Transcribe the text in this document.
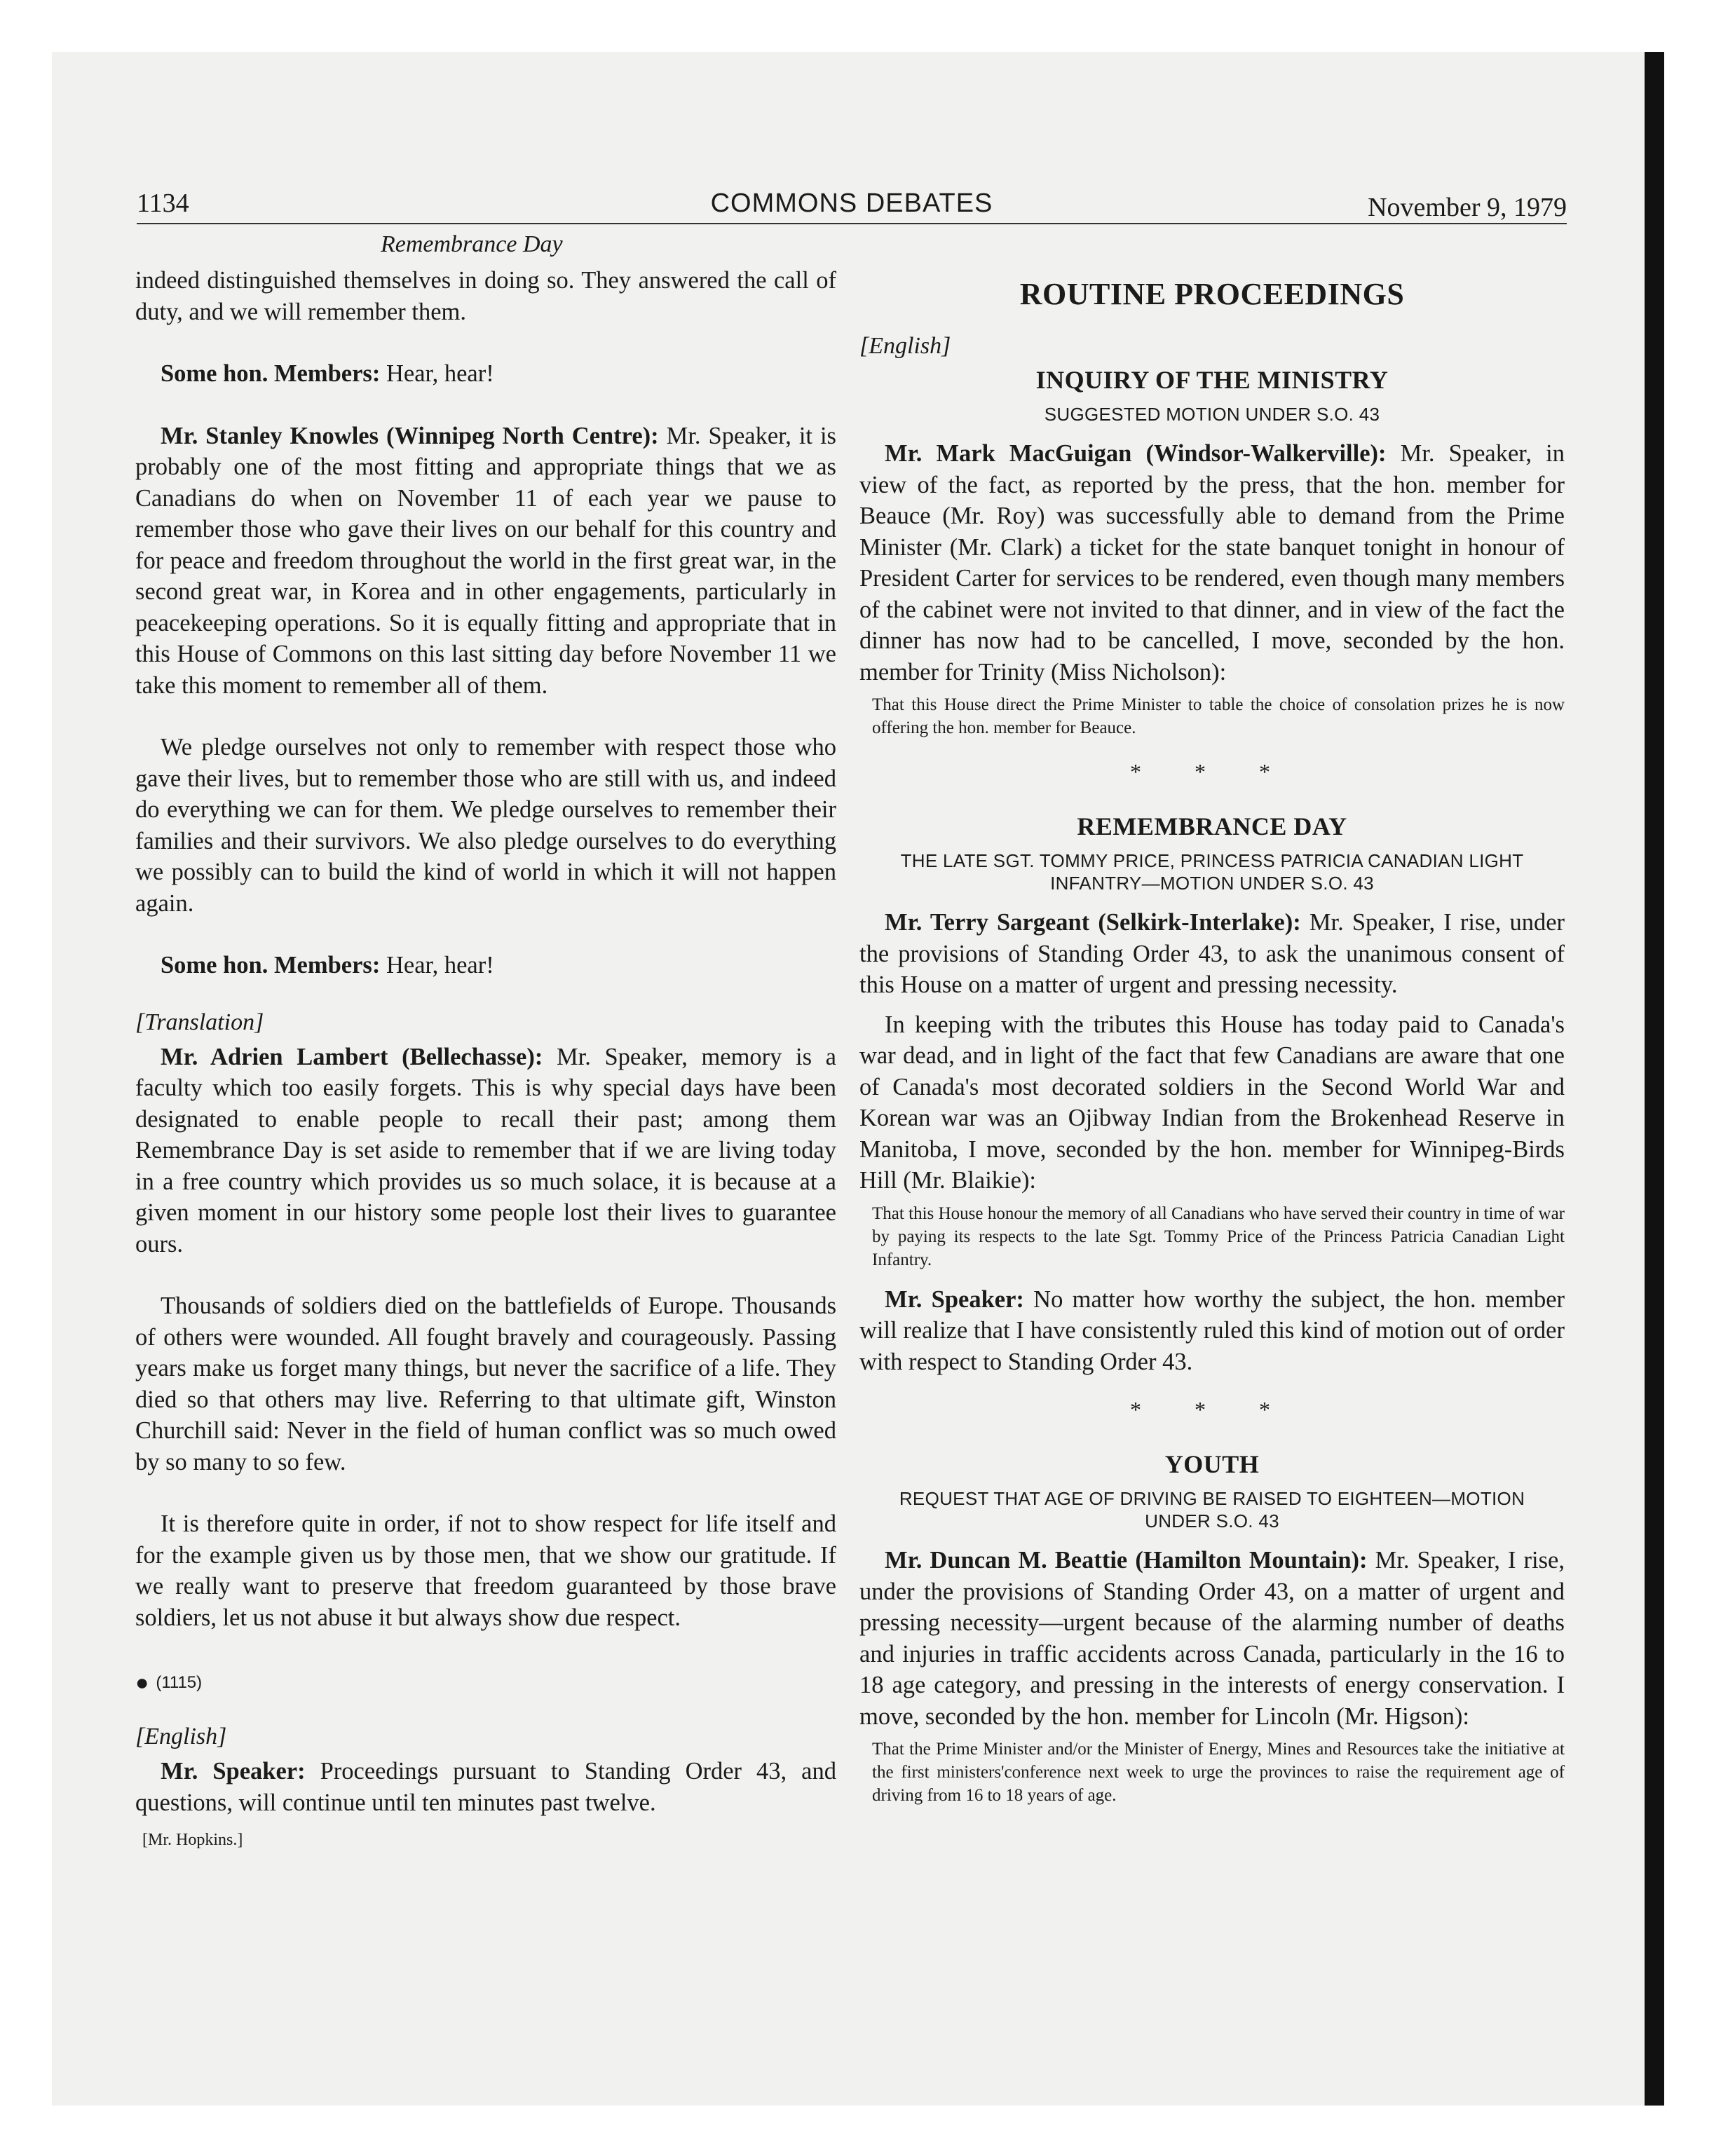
1134	COMMONS DEBATES	November 9, 1979
Remembrance Day

indeed distinguished themselves in doing so. They answered the call of duty, and we will remember them.

Some hon. Members: Hear, hear!

Mr. Stanley Knowles (Winnipeg North Centre): Mr. Speaker, it is probably one of the most fitting and appropriate things that we as Canadians do when on November 11 of each year we pause to remember those who gave their lives on our behalf for this country and for peace and freedom throughout the world in the first great war, in the second great war, in Korea and in other engagements, particularly in peacekeeping operations. So it is equally fitting and appropriate that in this House of Commons on this last sitting day before November 11 we take this moment to remember all of them.

We pledge ourselves not only to remember with respect those who gave their lives, but to remember those who are still with us, and indeed do everything we can for them. We pledge ourselves to remember their families and their survivors. We also pledge ourselves to do everything we possibly can to build the kind of world in which it will not happen again.

Some hon. Members: Hear, hear!

[Translation]

Mr. Adrien Lambert (Bellechasse): Mr. Speaker, memory is a faculty which too easily forgets. This is why special days have been designated to enable people to recall their past; among them Remembrance Day is set aside to remember that if we are living today in a free country which provides us so much solace, it is because at a given moment in our history some people lost their lives to guarantee ours.

Thousands of soldiers died on the battlefields of Europe. Thousands of others were wounded. All fought bravely and courageously. Passing years make us forget many things, but never the sacrifice of a life. They died so that others may live. Referring to that ultimate gift, Winston Churchill said: Never in the field of human conflict was so much owed by so many to so few.

It is therefore quite in order, if not to show respect for life itself and for the example given us by those men, that we show our gratitude. If we really want to preserve that freedom guaranteed by those brave soldiers, let us not abuse it but always show due respect.

● (1115)
[English]

Mr. Speaker: Proceedings pursuant to Standing Order 43, and questions, will continue until ten minutes past twelve.

[Mr. Hopkins.]
ROUTINE PROCEEDINGS
[English]
INQUIRY OF THE MINISTRY
SUGGESTED MOTION UNDER S.O. 43

Mr. Mark MacGuigan (Windsor-Walkerville): Mr. Speaker, in view of the fact, as reported by the press, that the hon. member for Beauce (Mr. Roy) was successfully able to demand from the Prime Minister (Mr. Clark) a ticket for the state banquet tonight in honour of President Carter for services to be rendered, even though many members of the cabinet were not invited to that dinner, and in view of the fact the dinner has now had to be cancelled, I move, seconded by the hon. member for Trinity (Miss Nicholson):

That this House direct the Prime Minister to table the choice of consolation prizes he is now offering the hon. member for Beauce.
* * *
REMEMBRANCE DAY
THE LATE SGT. TOMMY PRICE, PRINCESS PATRICIA CANADIAN LIGHT INFANTRY—MOTION UNDER S.O. 43

Mr. Terry Sargeant (Selkirk-Interlake): Mr. Speaker, I rise, under the provisions of Standing Order 43, to ask the unanimous consent of this House on a matter of urgent and pressing necessity.

In keeping with the tributes this House has today paid to Canada's war dead, and in light of the fact that few Canadians are aware that one of Canada's most decorated soldiers in the Second World War and Korean war was an Ojibway Indian from the Brokenhead Reserve in Manitoba, I move, seconded by the hon. member for Winnipeg-Birds Hill (Mr. Blaikie):

That this House honour the memory of all Canadians who have served their country in time of war by paying its respects to the late Sgt. Tommy Price of the Princess Patricia Canadian Light Infantry.

Mr. Speaker: No matter how worthy the subject, the hon. member will realize that I have consistently ruled this kind of motion out of order with respect to Standing Order 43.

* * *
YOUTH
REQUEST THAT AGE OF DRIVING BE RAISED TO EIGHTEEN—MOTION UNDER S.O. 43

Mr. Duncan M. Beattie (Hamilton Mountain): Mr. Speaker, I rise, under the provisions of Standing Order 43, on a matter of urgent and pressing necessity—urgent because of the alarming number of deaths and injuries in traffic accidents across Canada, particularly in the 16 to 18 age category, and pressing in the interests of energy conservation. I move, seconded by the hon. member for Lincoln (Mr. Higson):

That the Prime Minister and/or the Minister of Energy, Mines and Resources take the initiative at the first ministers'conference next week to urge the provinces to raise the requirement age of driving from 16 to 18 years of age.
